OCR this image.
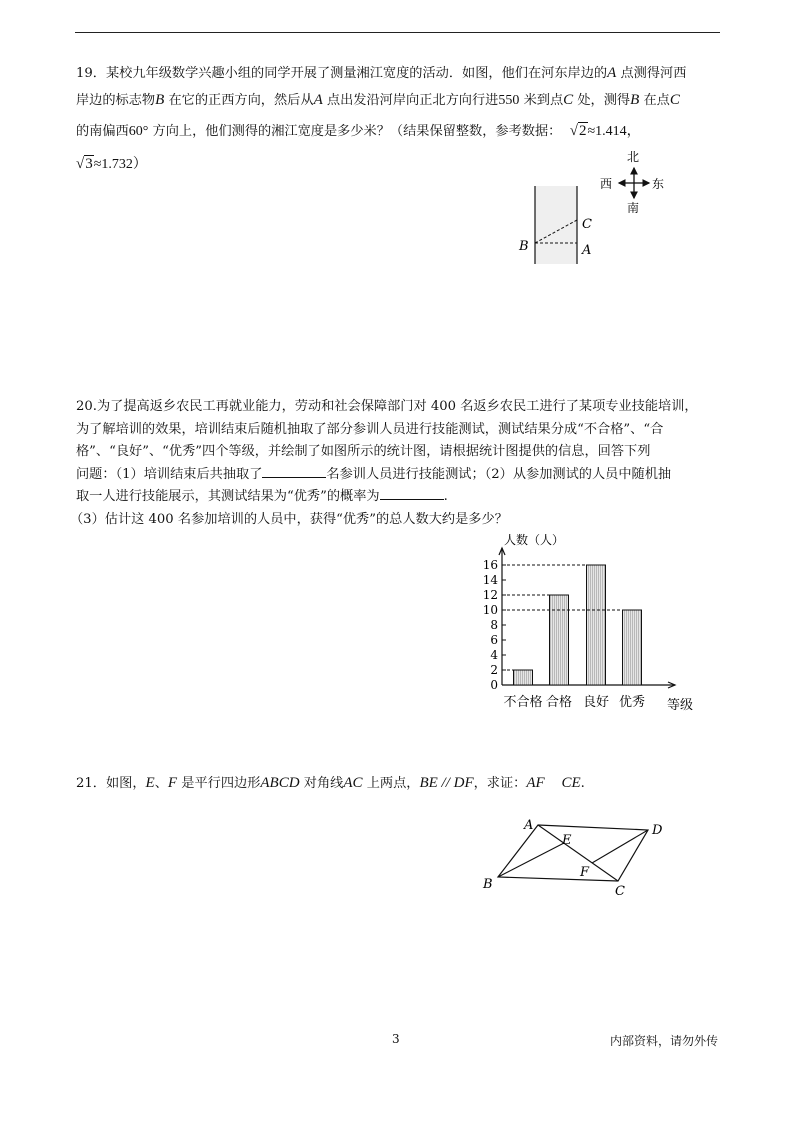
19．某校九年级数学兴趣小组的同学开展了测量湘江宽度的活动．如图，他们在河东岸边的A 点测得河西
岸边的标志物B 在它的正西方向，然后从A 点出发沿河岸向正北方向行进550 米到点C 处，测得B 在点C
的南偏西60° 方向上，他们测得的湘江宽度是多少米？（结果保留整数，参考数据： √2≈1.414，
√3≈1.732）	北
南
西	东
B	A
C
20.为了提高返乡农民工再就业能力，劳动和社会保障部门对 400 名返乡农民工进行了某项专业技能培训，
为了解培训的效果，培训结束后随机抽取了部分参训人员进行技能测试，测试结果分成“不合格”、“合
格”、“良好”、“优秀”四个等级，并绘制了如图所示的统计图，请根据统计图提供的信息，回答下列
问题：（1）培训结束后共抽取了	名参训人员进行技能测试；（2）从参加测试的人员中随机抽
取一人进行技能展示，其测试结果为“优秀”的概率为	.
（3）估计这 400 名参加培训的人员中，获得“优秀”的总人数大约是多少？
0
2
4
6
8
10
12
14
16
人数（人）
不合格 合格 良好 优秀 等级
21．如图，E、F 是平行四边形ABCD 对角线AC 上两点，BE // DF，求证：AF CE.
A	D
B	C
E
F
3	内部资料，请勿外传
